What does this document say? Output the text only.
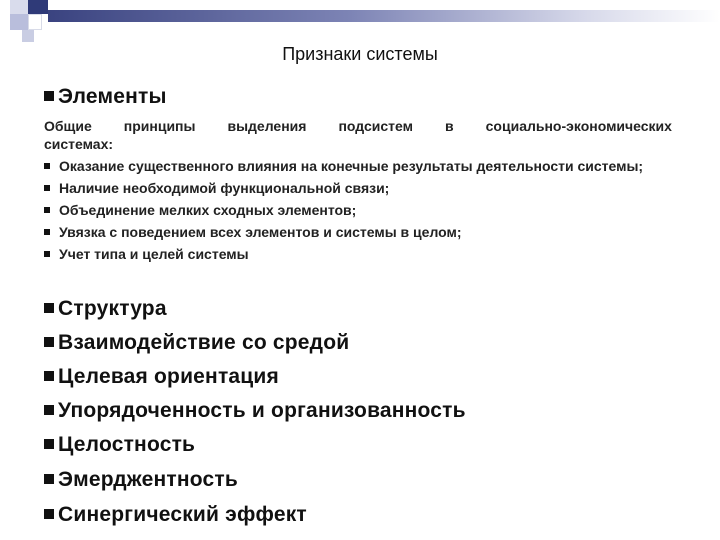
Признаки системы
Элементы
Общие принципы выделения подсистем в социально-экономических
системах:
Оказание существенного влияния на конечные результаты деятельности системы;
Наличие необходимой функциональной связи;
Объединение мелких сходных элементов;
Увязка с поведением всех элементов и системы в целом;
Учет типа и целей системы
Структура
Взаимодействие со средой
Целевая ориентация
Упорядоченность и организованность
Целостность
Эмерджентность
Синергический эффект
